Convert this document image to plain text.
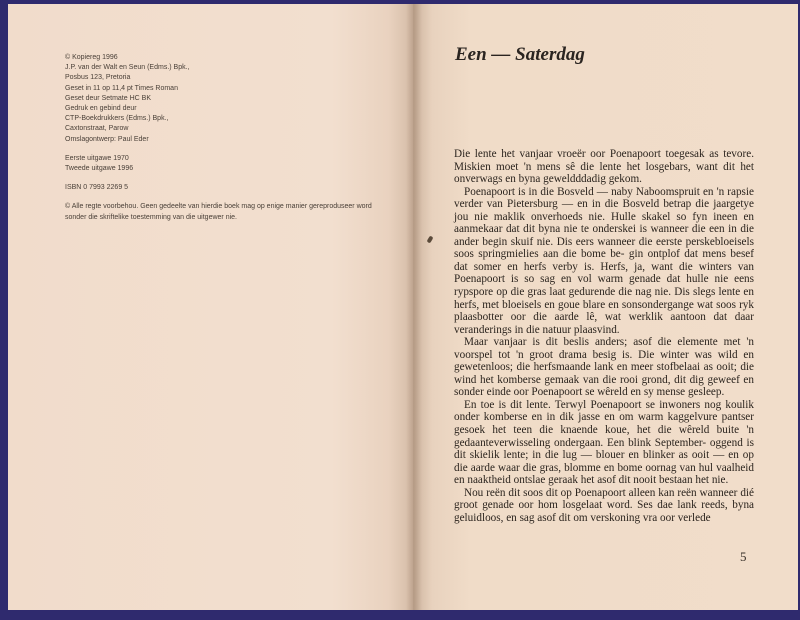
© Kopiereg 1996
J.P. van der Walt en Seun (Edms.) Bpk.,
Posbus 123, Pretoria
Geset in 11 op 11,4 pt Times Roman
Geset deur Setmate HC BK
Gedruk en gebind deur
CTP-Boekdrukkers (Edms.) Bpk.,
Caxtonstraat, Parow
Omslagontwerp: Paul Eder
Eerste uitgawe 1970
Tweede uitgawe 1996
ISBN 0 7993 2269 5
© Alle regte voorbehou. Geen gedeelte van hierdie boek mag op enige manier gereproduseer word sonder die skriftelike toestemming van die uitgewer nie.
Een — Saterdag

Die lente het vanjaar vroeër oor Poenapoort toegesak as tevore. Miskien moet 'n mens sê die lente het losgebars, want dit het onverwags en byna geweldddadig gekom.

Poenapoort is in die Bosveld — naby Naboomspruit en 'n rapsie verder van Pietersburg — en in die Bosveld betrap die jaargetye jou nie maklik onverhoeds nie. Hulle skakel so fyn ineen en aanmekaar dat dit byna nie te onderskei is wanneer die een in die ander begin skuif nie. Dis eers wanneer die eerste perskebloeisels soos springmielies aan die bome be- gin ontplof dat mens besef dat somer en herfs verby is. Herfs, ja, want die winters van Poenapoort is so sag en vol warm genade dat hulle nie eens rypspore op die gras laat gedurende die nag nie. Dis slegs lente en herfs, met bloeisels en goue blare en sonsondergange wat soos ryk plaasbotter oor die aarde lê, wat werklik aantoon dat daar veranderings in die natuur plaasvind.

Maar vanjaar is dit beslis anders; asof die elemente met 'n voorspel tot 'n groot drama besig is. Die winter was wild en gewetenloos; die herfsmaande lank en meer stofbelaai as ooit; die wind het komberse gemaak van die rooi grond, dit dig geweef en sonder einde oor Poenapoort se wêreld en sy mense gesleep.

En toe is dit lente. Terwyl Poenapoort se inwoners nog koulik onder komberse en in dik jasse en om warm kaggelvure pantser gesoek het teen die knaende koue, het die wêreld buite 'n gedaanteverwisseling ondergaan. Een blink September- oggend is dit skielik lente; in die lug — blouer en blinker as ooit — en op die aarde waar die gras, blomme en bome oornag van hul vaalheid en naaktheid ontslae geraak het asof dit nooit bestaan het nie.

Nou reën dit soos dit op Poenapoort alleen kan reën wanneer dié groot genade oor hom losgelaat word. Ses dae lank reeds, byna geluidloos, en sag asof dit om verskoning vra oor verlede

5
